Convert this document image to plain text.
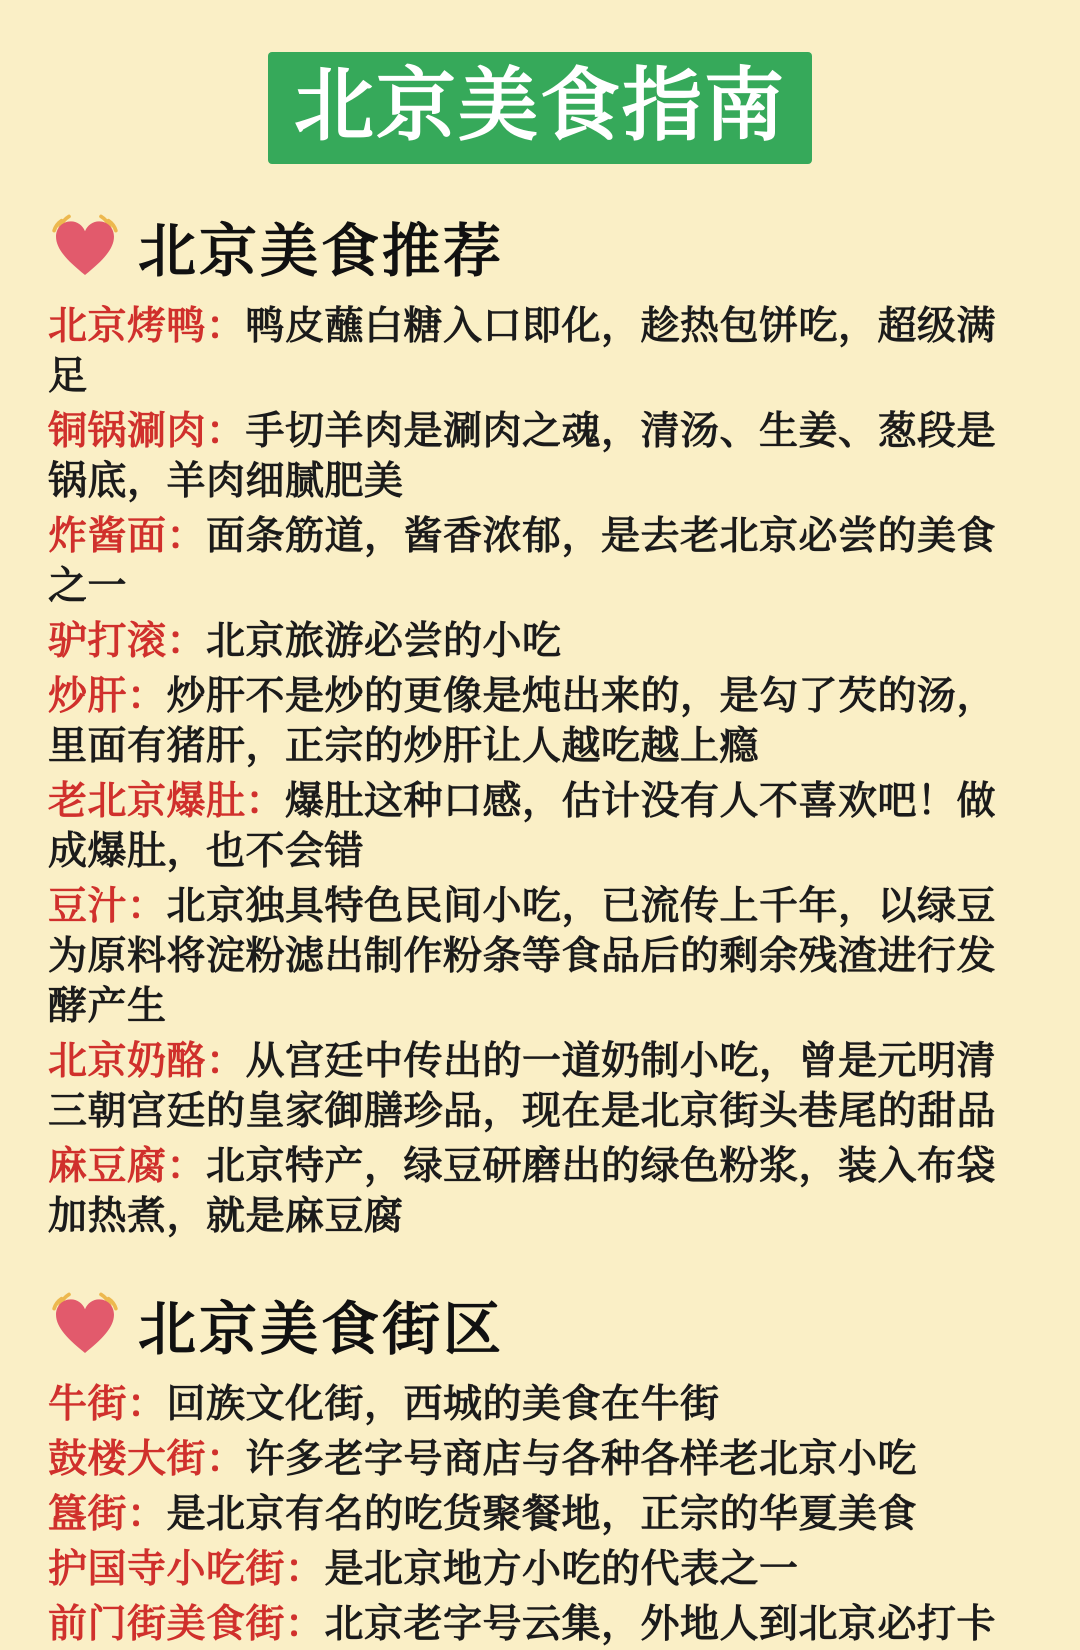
北京美食指南
北京美食推荐

北京烤鸭：鸭皮蘸白糖入口即化，趁热包饼吃，超级满足

铜锅涮肉：手切羊肉是涮肉之魂，清汤、生姜、葱段是锅底，羊肉细腻肥美

炸酱面：面条筋道，酱香浓郁，是去老北京必尝的美食之一

驴打滚：北京旅游必尝的小吃

炒肝：炒肝不是炒的更像是炖出来的，是勾了芡的汤，里面有猪肝，正宗的炒肝让人越吃越上瘾

老北京爆肚：爆肚这种口感，估计没有人不喜欢吧！做成爆肚，也不会错

豆汁：北京独具特色民间小吃，已流传上千年，以绿豆为原料将淀粉滤出制作粉条等食品后的剩余残渣进行发酵产生

北京奶酪：从宫廷中传出的一道奶制小吃，曾是元明清三朝宫廷的皇家御膳珍品，现在是北京街头巷尾的甜品

麻豆腐：北京特产，绿豆研磨出的绿色粉浆，装入布袋加热煮，就是麻豆腐

北京美食街区

牛街：回族文化街，西城的美食在牛街

鼓楼大街：许多老字号商店与各种各样老北京小吃

簋街：是北京有名的吃货聚餐地，正宗的华夏美食

护国寺小吃街：是北京地方小吃的代表之一

前门街美食街：北京老字号云集，外地人到北京必打卡
